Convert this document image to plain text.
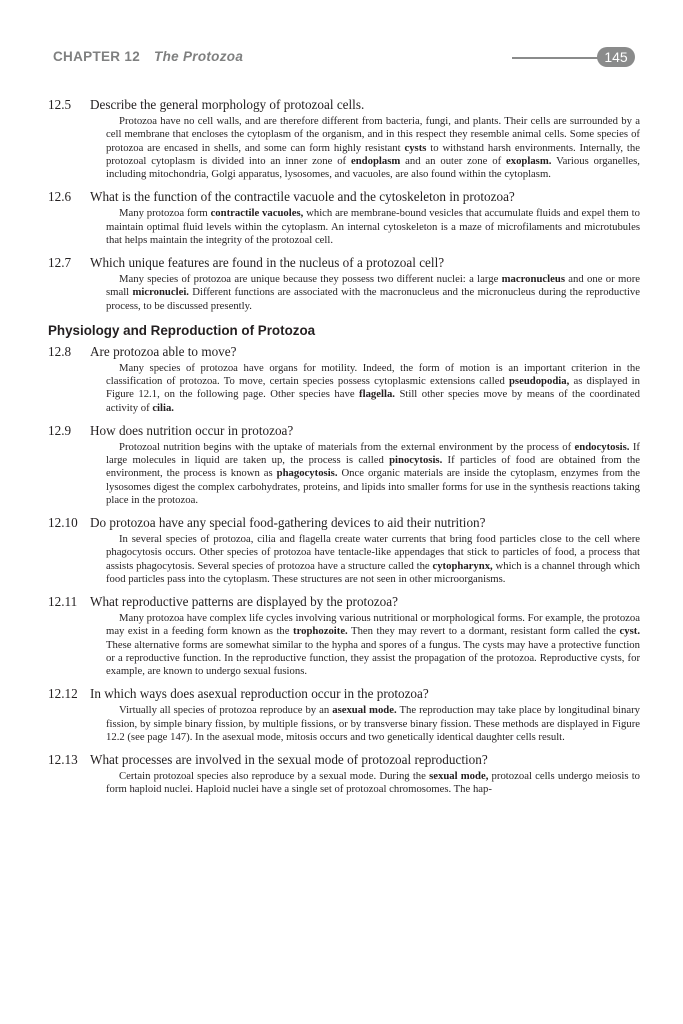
CHAPTER 12 The Protozoa	145
12.5	Describe the general morphology of protozoal cells.
Protozoa have no cell walls, and are therefore different from bacteria, fungi, and plants. Their cells are surrounded by a cell membrane that encloses the cytoplasm of the organism, and in this respect they resemble animal cells. Some species of protozoa are encased in shells, and some can form highly resistant cysts to withstand harsh environments. Internally, the protozoal cytoplasm is divided into an inner zone of endoplasm and an outer zone of exoplasm. Various organelles, including mitochondria, Golgi apparatus, lysosomes, and vacuoles, are also found within the cytoplasm.
12.6	What is the function of the contractile vacuole and the cytoskeleton in protozoa?
Many protozoa form contractile vacuoles, which are membrane-bound vesicles that accumulate fluids and expel them to maintain optimal fluid levels within the cytoplasm. An internal cytoskeleton is a maze of microfilaments and microtubules that helps maintain the integrity of the protozoal cell.
12.7	Which unique features are found in the nucleus of a protozoal cell?
Many species of protozoa are unique because they possess two different nuclei: a large macronucleus and one or more small micronuclei. Different functions are associated with the macronucleus and the micronucleus during the reproductive process, to be discussed presently.
Physiology and Reproduction of Protozoa
12.8	Are protozoa able to move?
Many species of protozoa have organs for motility. Indeed, the form of motion is an important criterion in the classification of protozoa. To move, certain species possess cytoplasmic extensions called pseudopodia, as displayed in Figure 12.1, on the following page. Other species have flagella. Still other species move by means of the coordinated activity of cilia.
12.9	How does nutrition occur in protozoa?
Protozoal nutrition begins with the uptake of materials from the external environment by the process of endocytosis. If large molecules in liquid are taken up, the process is called pinocytosis. If particles of food are obtained from the environment, the process is known as phagocytosis. Once organic materials are inside the cytoplasm, enzymes from the lysosomes digest the complex carbohydrates, proteins, and lipids into smaller forms for use in the synthesis reactions taking place in the protozoa.
12.10 Do protozoa have any special food-gathering devices to aid their nutrition?
In several species of protozoa, cilia and flagella create water currents that bring food particles close to the cell where phagocytosis occurs. Other species of protozoa have tentacle-like appendages that stick to particles of food, a process that assists phagocytosis. Several species of protozoa have a structure called the cytopharynx, which is a channel through which food particles pass into the cytoplasm. These structures are not seen in other microorganisms.
12.11 What reproductive patterns are displayed by the protozoa?
Many protozoa have complex life cycles involving various nutritional or morphological forms. For example, the protozoa may exist in a feeding form known as the trophozoite. Then they may revert to a dormant, resistant form called the cyst. These alternative forms are somewhat similar to the hypha and spores of a fungus. The cysts may have a protective function or a reproductive function. In the reproductive function, they assist the propagation of the protozoa. Reproductive cysts, for example, are known to undergo sexual fusions.
12.12 In which ways does asexual reproduction occur in the protozoa?
Virtually all species of protozoa reproduce by an asexual mode. The reproduction may take place by longitudinal binary fission, by simple binary fission, by multiple fissions, or by transverse binary fission. These methods are displayed in Figure 12.2 (see page 147). In the asexual mode, mitosis occurs and two genetically identical daughter cells result.
12.13 What processes are involved in the sexual mode of protozoal reproduction?
Certain protozoal species also reproduce by a sexual mode. During the sexual mode, protozoal cells undergo meiosis to form haploid nuclei. Haploid nuclei have a single set of protozoal chromosomes. The hap-
